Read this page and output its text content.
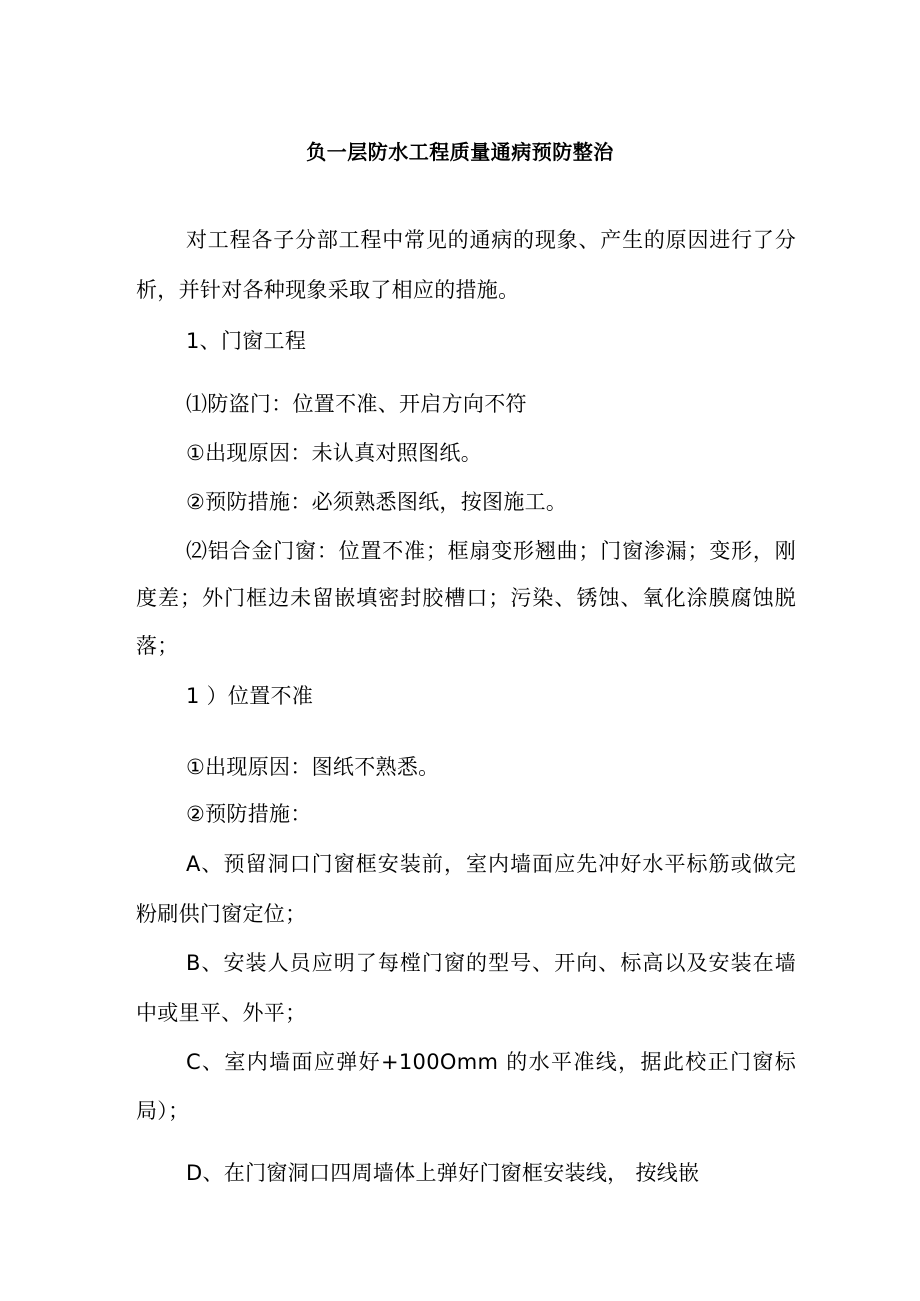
负一层防水工程质量通病预防整治
对工程各子分部工程中常见的通病的现象、产生的原因进行了分
析，并针对各种现象采取了相应的措施。
1、门窗工程
⑴防盗门：位置不准、开启方向不符
①出现原因：未认真对照图纸。
②预防措施：必须熟悉图纸，按图施工。
⑵铝合金门窗：位置不准；框扇变形翘曲；门窗渗漏；变形，刚
度差；外门框边未留嵌填密封胶槽口；污染、锈蚀、氧化涂膜腐蚀脱
落；
1 ）位置不准
①出现原因：图纸不熟悉。
②预防措施：
A、预留洞口门窗框安装前，室内墙面应先冲好水平标筋或做完
粉刷供门窗定位；
B、安装人员应明了每樘门窗的型号、开向、标高以及安装在墙
中或里平、外平；
C、室内墙面应弹好+100Omm 的水平准线，据此校正门窗标
局）；
D、在门窗洞口四周墙体上弹好门窗框安装线， 按线嵌
